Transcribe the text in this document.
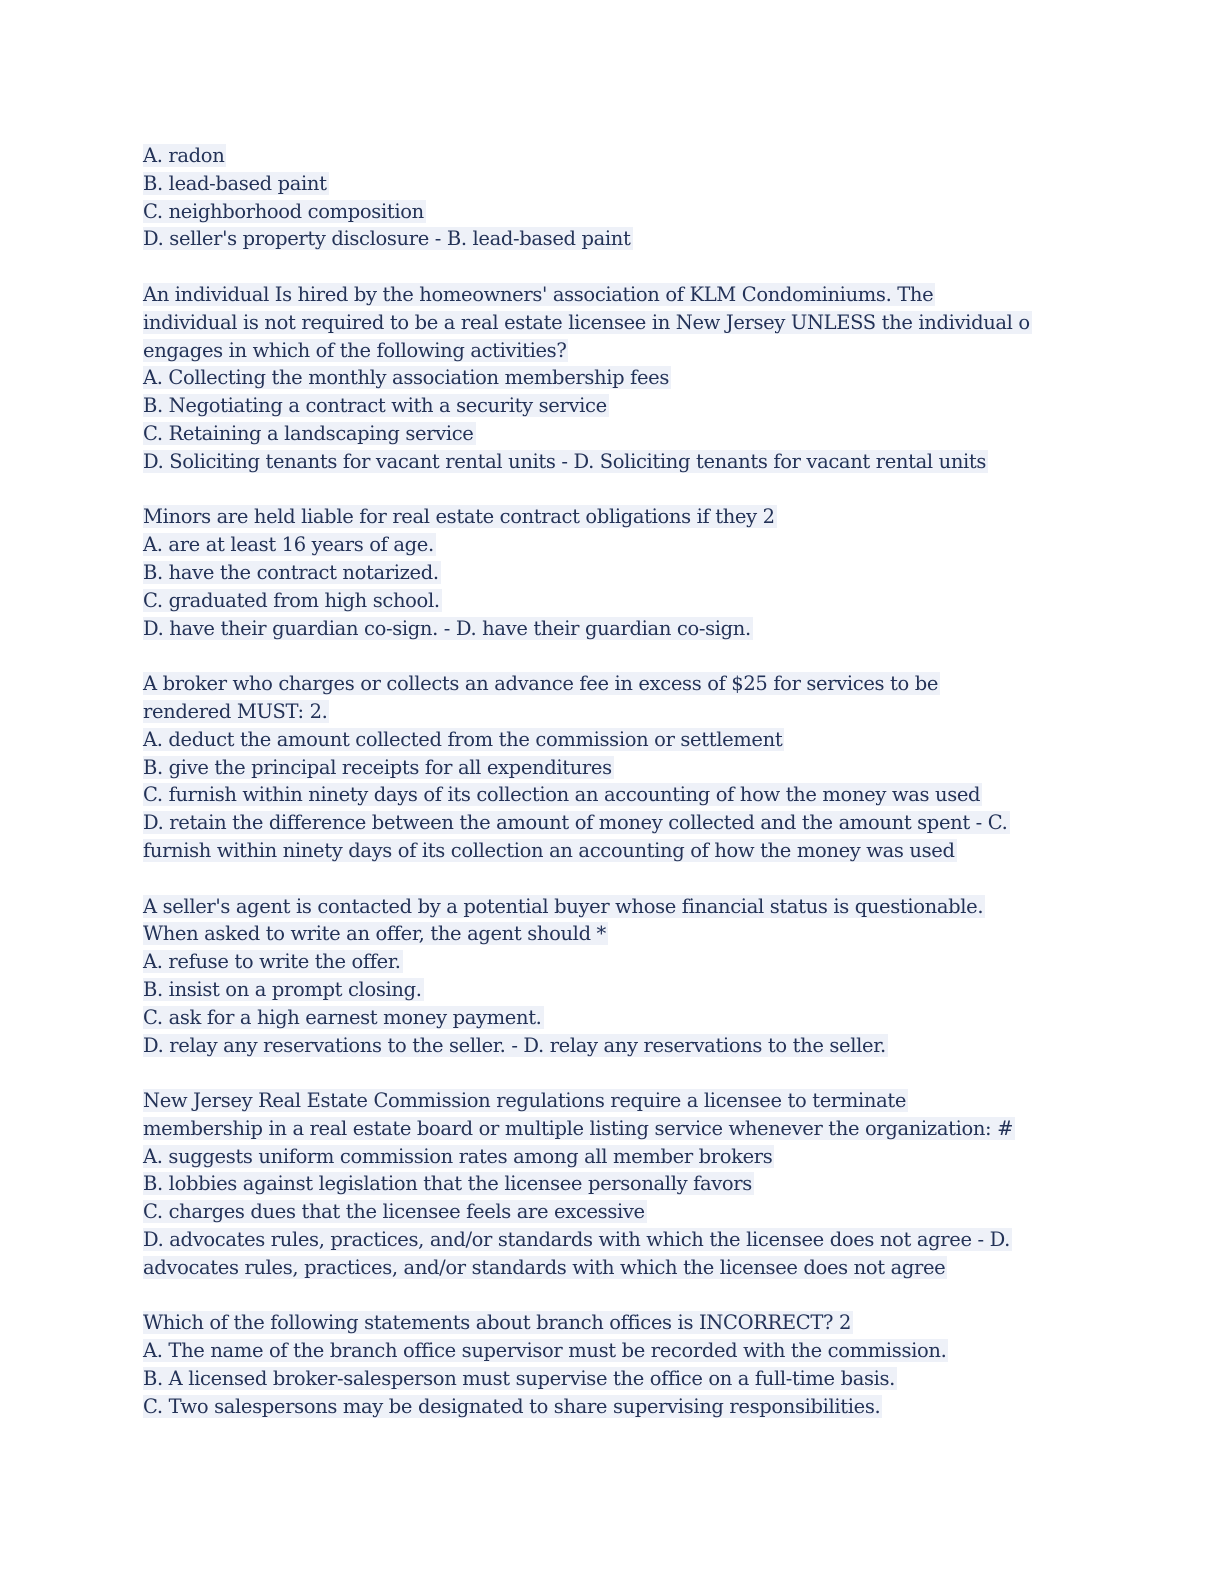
A. radon
B. lead-based paint
C. neighborhood composition
D. seller's property disclosure - B. lead-based paint
An individual Is hired by the homeowners' association of KLM Condominiums. The
individual is not required to be a real estate licensee in New Jersey UNLESS the individual o
engages in which of the following activities?
A. Collecting the monthly association membership fees
B. Negotiating a contract with a security service
C. Retaining a landscaping service
D. Soliciting tenants for vacant rental units - D. Soliciting tenants for vacant rental units
Minors are held liable for real estate contract obligations if they 2
A. are at least 16 years of age.
B. have the contract notarized.
C. graduated from high school.
D. have their guardian co-sign. - D. have their guardian co-sign.
A broker who charges or collects an advance fee in excess of $25 for services to be
rendered MUST: 2.
A. deduct the amount collected from the commission or settlement
B. give the principal receipts for all expenditures
C. furnish within ninety days of its collection an accounting of how the money was used
D. retain the difference between the amount of money collected and the amount spent - C.
furnish within ninety days of its collection an accounting of how the money was used
A seller's agent is contacted by a potential buyer whose financial status is questionable.
When asked to write an offer, the agent should *
A. refuse to write the offer.
B. insist on a prompt closing.
C. ask for a high earnest money payment.
D. relay any reservations to the seller. - D. relay any reservations to the seller.
New Jersey Real Estate Commission regulations require a licensee to terminate
membership in a real estate board or multiple listing service whenever the organization: #
A. suggests uniform commission rates among all member brokers
B. lobbies against legislation that the licensee personally favors
C. charges dues that the licensee feels are excessive
D. advocates rules, practices, and/or standards with which the licensee does not agree - D.
advocates rules, practices, and/or standards with which the licensee does not agree
Which of the following statements about branch offices is INCORRECT? 2
A. The name of the branch office supervisor must be recorded with the commission.
B. A licensed broker-salesperson must supervise the office on a full-time basis.
C. Two salespersons may be designated to share supervising responsibilities.
